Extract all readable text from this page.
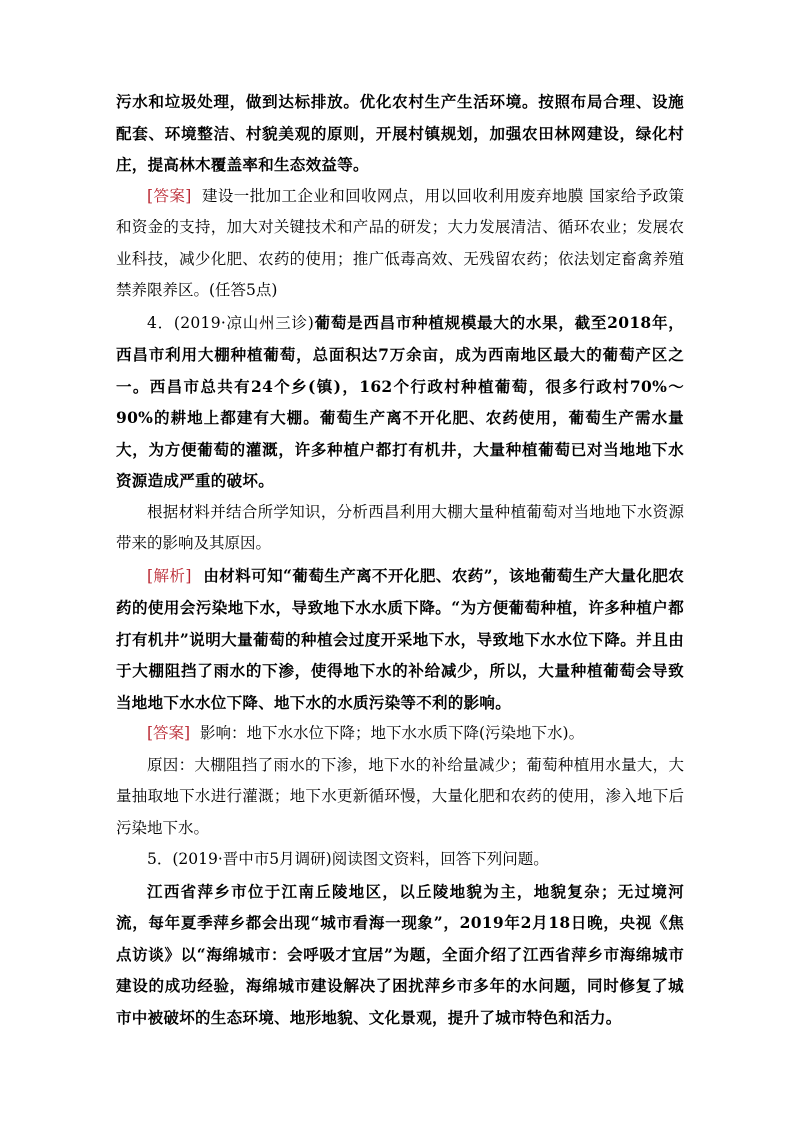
污水和垃圾处理，做到达标排放。优化农村生产生活环境。按照布局合理、设施配套、环境整洁、村貌美观的原则，开展村镇规划，加强农田林网建设，绿化村庄，提高林木覆盖率和生态效益等。

[答案] 建设一批加工企业和回收网点，用以回收利用废弃地膜 国家给予政策和资金的支持，加大对关键技术和产品的研发；大力发展清洁、循环农业；发展农业科技，减少化肥、农药的使用；推广低毒高效、无残留农药；依法划定畜禽养殖禁养限养区。(任答5点)

4．(2019·凉山州三诊)葡萄是西昌市种植规模最大的水果，截至2018年，西昌市利用大棚种植葡萄，总面积达7万余亩，成为西南地区最大的葡萄产区之一。西昌市总共有24个乡(镇)，162个行政村种植葡萄，很多行政村70%～90%的耕地上都建有大棚。葡萄生产离不开化肥、农药使用，葡萄生产需水量大，为方便葡萄的灌溉，许多种植户都打有机井，大量种植葡萄已对当地地下水资源造成严重的破坏。

根据材料并结合所学知识，分析西昌利用大棚大量种植葡萄对当地地下水资源带来的影响及其原因。

[解析] 由材料可知“葡萄生产离不开化肥、农药”，该地葡萄生产大量化肥农药的使用会污染地下水，导致地下水水质下降。“为方便葡萄种植，许多种植户都打有机井”说明大量葡萄的种植会过度开采地下水，导致地下水水位下降。并且由于大棚阻挡了雨水的下渗，使得地下水的补给减少，所以，大量种植葡萄会导致当地地下水水位下降、地下水的水质污染等不利的影响。

[答案] 影响：地下水水位下降；地下水水质下降(污染地下水)。

原因：大棚阻挡了雨水的下渗，地下水的补给量减少；葡萄种植用水量大，大量抽取地下水进行灌溉；地下水更新循环慢，大量化肥和农药的使用，渗入地下后污染地下水。

5．(2019·晋中市5月调研)阅读图文资料，回答下列问题。

江西省萍乡市位于江南丘陵地区，以丘陵地貌为主，地貌复杂；无过境河流，每年夏季萍乡都会出现“城市看海一现象”，2019年2月18日晚，央视《焦点访谈》以“海绵城市：会呼吸才宜居”为题，全面介绍了江西省萍乡市海绵城市建设的成功经验，海绵城市建设解决了困扰萍乡市多年的水问题，同时修复了城市中被破坏的生态环境、地形地貌、文化景观，提升了城市特色和活力。
